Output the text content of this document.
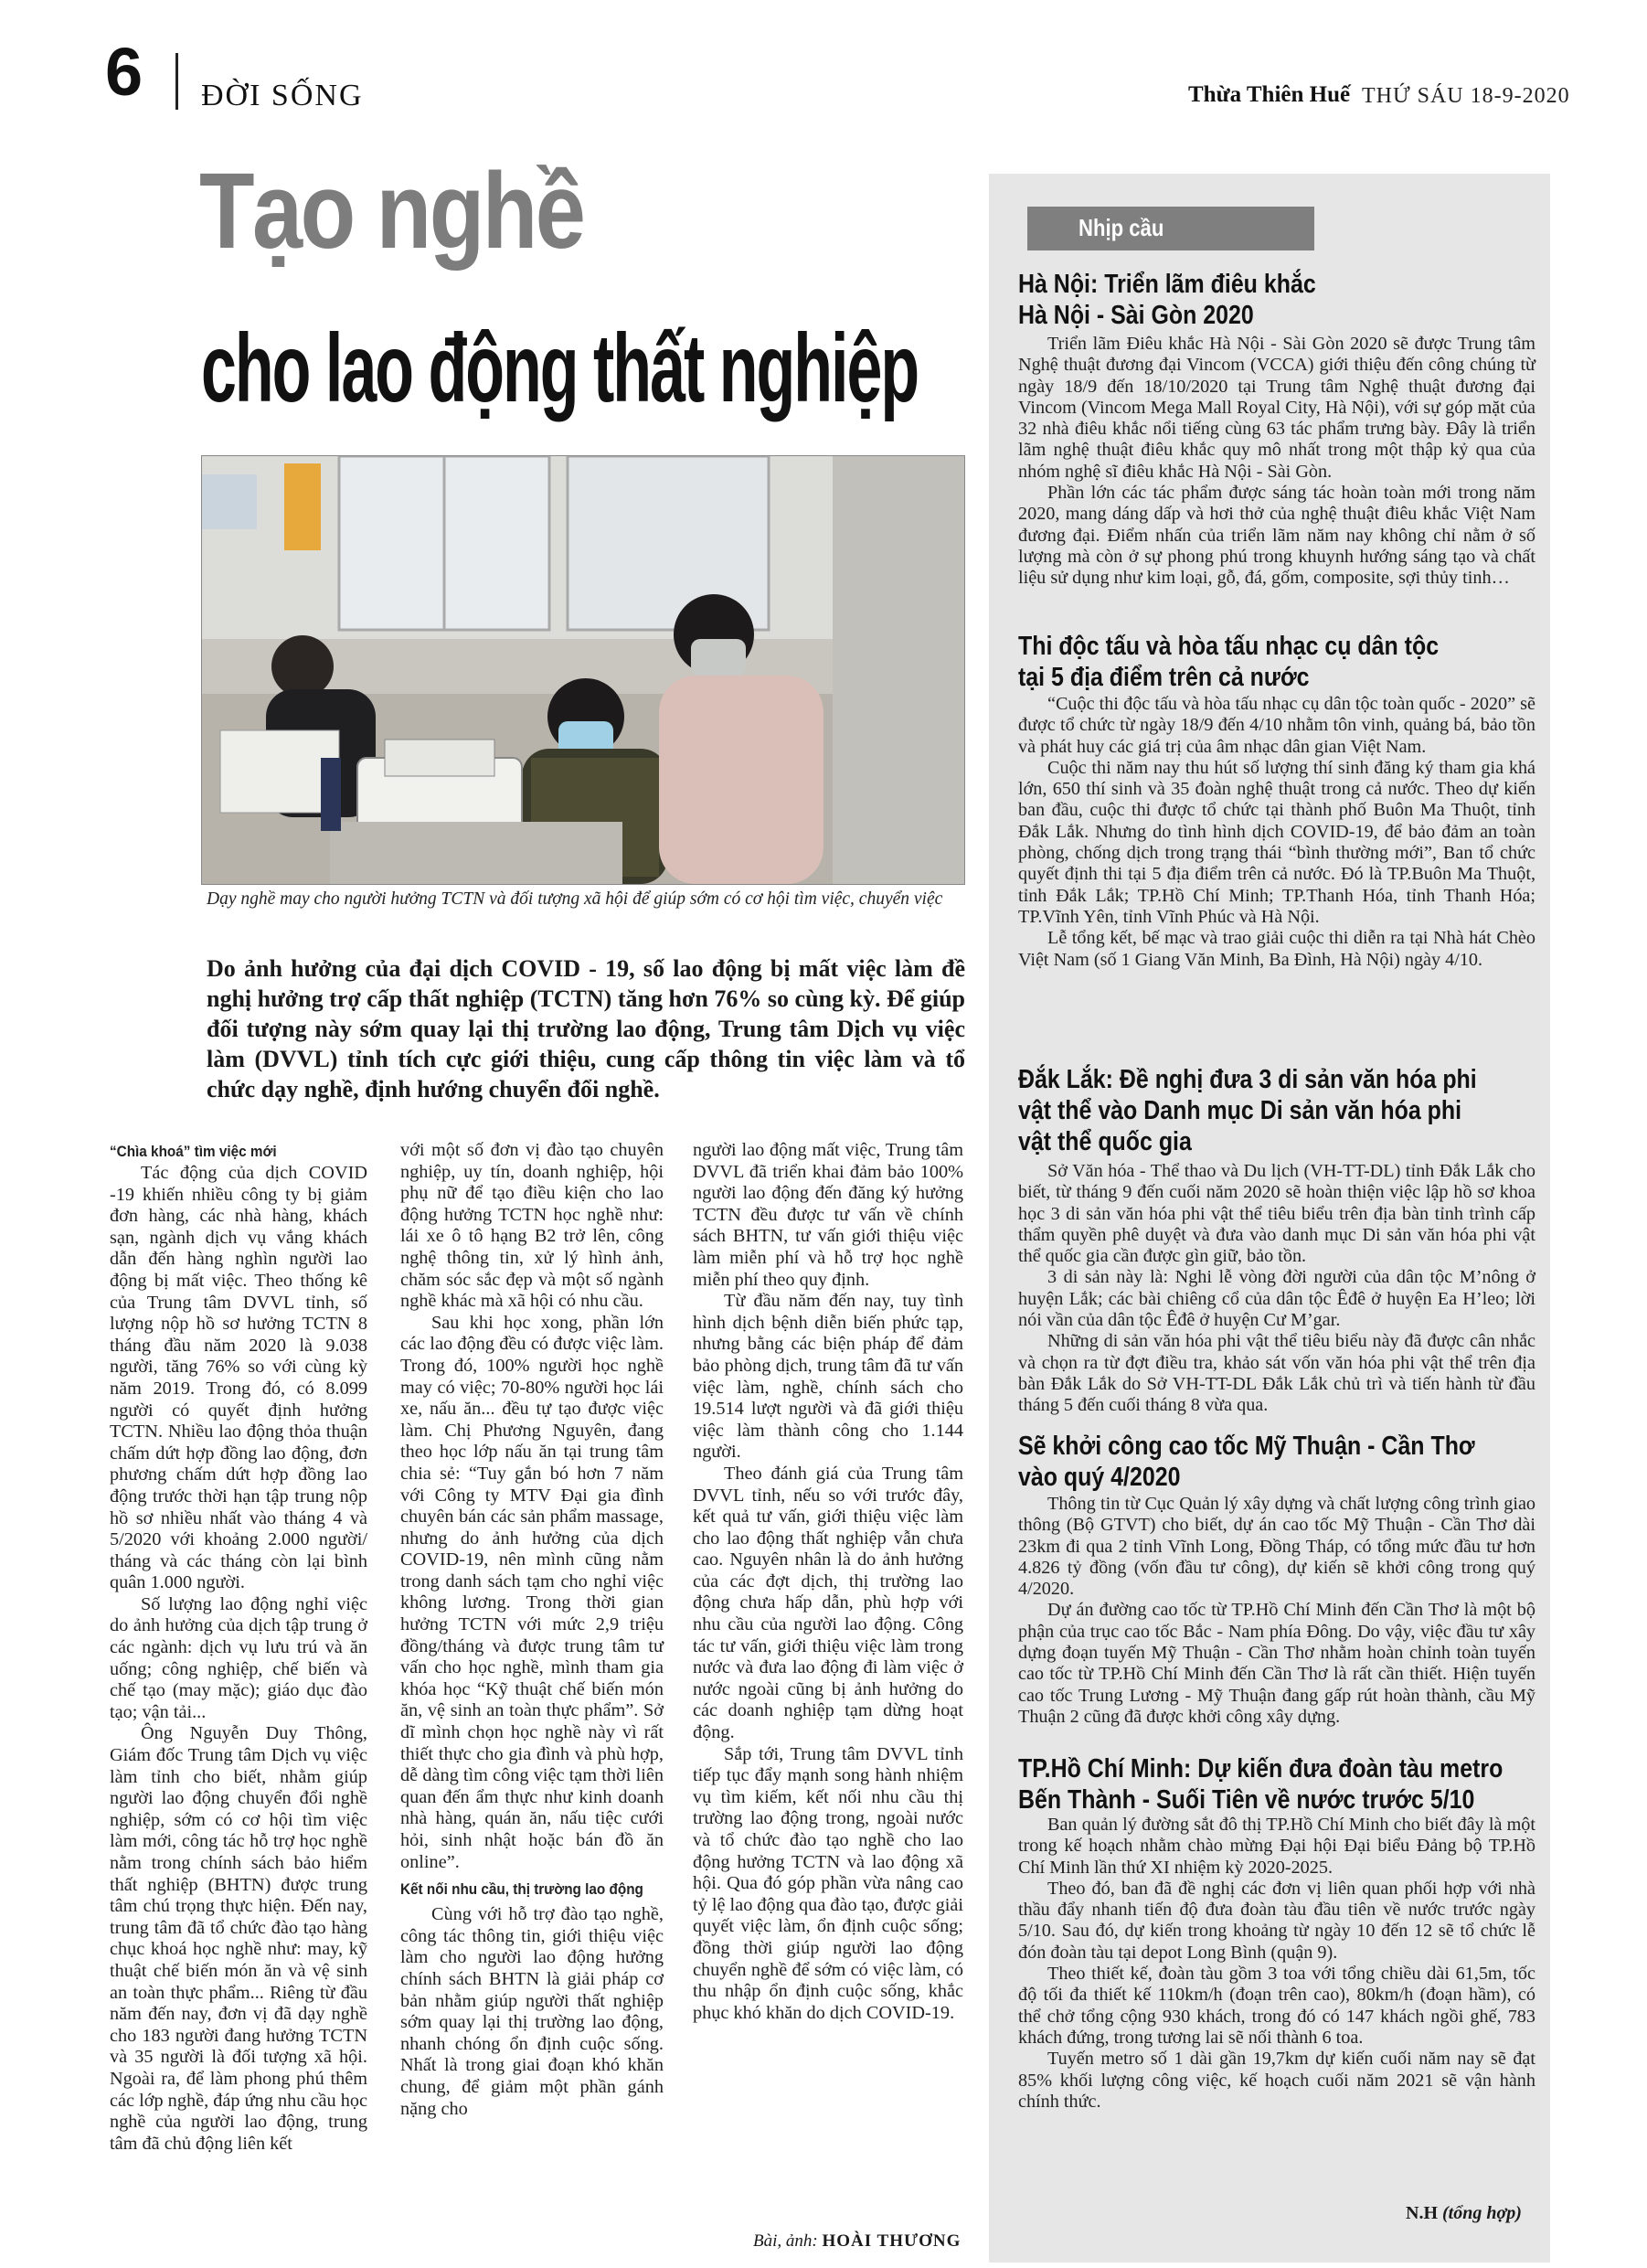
6 ĐỜI SỐNG	Thừa Thiên Huế THỨ SÁU 18-9-2020
Tạo nghề
cho lao động thất nghiệp
Dạy nghề may cho người hưởng TCTN và đối tượng xã hội để giúp sớm có cơ hội tìm việc, chuyển việc
Do ảnh hưởng của đại dịch COVID - 19, số lao động bị mất việc làm đề nghị hưởng trợ cấp thất nghiệp (TCTN) tăng hơn 76% so cùng kỳ. Để giúp đối tượng này sớm quay lại thị trường lao động, Trung tâm Dịch vụ việc làm (DVVL) tỉnh tích cực giới thiệu, cung cấp thông tin việc làm và tổ chức dạy nghề, định hướng chuyển đổi nghề.

“Chìa khoá” tìm việc mới

Tác động của dịch COVID -19 khiến nhiều công ty bị giảm đơn hàng, các nhà hàng, khách sạn, ngành dịch vụ vắng khách dẫn đến hàng nghìn người lao động bị mất việc. Theo thống kê của Trung tâm DVVL tỉnh, số lượng nộp hồ sơ hưởng TCTN 8 tháng đầu năm 2020 là 9.038 người, tăng 76% so với cùng kỳ năm 2019. Trong đó, có 8.099 người có quyết định hưởng TCTN. Nhiều lao động thỏa thuận chấm dứt hợp đồng lao động, đơn phương chấm dứt hợp đồng lao động trước thời hạn tập trung nộp hồ sơ nhiều nhất vào tháng 4 và 5/2020 với khoảng 2.000 người/ tháng và các tháng còn lại bình quân 1.000 người.

Số lượng lao động nghỉ việc do ảnh hưởng của dịch tập trung ở các ngành: dịch vụ lưu trú và ăn uống; công nghiệp, chế biến và chế tạo (may mặc); giáo dục đào tạo; vận tải...

Ông Nguyễn Duy Thông, Giám đốc Trung tâm Dịch vụ việc làm tỉnh cho biết, nhằm giúp người lao động chuyển đổi nghề nghiệp, sớm có cơ hội tìm việc làm mới, công tác hỗ trợ học nghề nằm trong chính sách bảo hiểm thất nghiệp (BHTN) được trung tâm chú trọng thực hiện. Đến nay, trung tâm đã tổ chức đào tạo hàng chục khoá học nghề như: may, kỹ thuật chế biến món ăn và vệ sinh an toàn thực phẩm... Riêng từ đầu năm đến nay, đơn vị đã dạy nghề cho 183 người đang hưởng TCTN và 35 người là đối tượng xã hội. Ngoài ra, để làm phong phú thêm các lớp nghề, đáp ứng nhu cầu học nghề của người lao động, trung tâm đã chủ động liên kết

với một số đơn vị đào tạo chuyên nghiệp, uy tín, doanh nghiệp, hội phụ nữ để tạo điều kiện cho lao động hưởng TCTN học nghề như: lái xe ô tô hạng B2 trở lên, công nghệ thông tin, xử lý hình ảnh, chăm sóc sắc đẹp và một số ngành nghề khác mà xã hội có nhu cầu.

Sau khi học xong, phần lớn các lao động đều có được việc làm. Trong đó, 100% người học nghề may có việc; 70-80% người học lái xe, nấu ăn... đều tự tạo được việc làm. Chị Phương Nguyên, đang theo học lớp nấu ăn tại trung tâm chia sẻ: “Tuy gắn bó hơn 7 năm với Công ty MTV Đại gia đình chuyên bán các sản phẩm massage, nhưng do ảnh hưởng của dịch COVID-19, nên mình cũng nằm trong danh sách tạm cho nghỉ việc không lương. Trong thời gian hưởng TCTN với mức 2,9 triệu đồng/tháng và được trung tâm tư vấn cho học nghề, mình tham gia khóa học “Kỹ thuật chế biến món ăn, vệ sinh an toàn thực phẩm”. Sở dĩ mình chọn học nghề này vì rất thiết thực cho gia đình và phù hợp, dễ dàng tìm công việc tạm thời liên quan đến ẩm thực như kinh doanh nhà hàng, quán ăn, nấu tiệc cưới hỏi, sinh nhật hoặc bán đồ ăn online”.

Kết nối nhu cầu, thị trường lao động

Cùng với hỗ trợ đào tạo nghề, công tác thông tin, giới thiệu việc làm cho người lao động hưởng chính sách BHTN là giải pháp cơ bản nhằm giúp người thất nghiệp sớm quay lại thị trường lao động, nhanh chóng ổn định cuộc sống. Nhất là trong giai đoạn khó khăn chung, để giảm một phần gánh nặng cho

người lao động mất việc, Trung tâm DVVL đã triển khai đảm bảo 100% người lao động đến đăng ký hưởng TCTN đều được tư vấn về chính sách BHTN, tư vấn giới thiệu việc làm miễn phí và hỗ trợ học nghề miễn phí theo quy định.

Từ đầu năm đến nay, tuy tình hình dịch bệnh diễn biến phức tạp, nhưng bằng các biện pháp để đảm bảo phòng dịch, trung tâm đã tư vấn việc làm, nghề, chính sách cho 19.514 lượt người và đã giới thiệu việc làm thành công cho 1.144 người.

Theo đánh giá của Trung tâm DVVL tỉnh, nếu so với trước đây, kết quả tư vấn, giới thiệu việc làm cho lao động thất nghiệp vẫn chưa cao. Nguyên nhân là do ảnh hưởng của các đợt dịch, thị trường lao động chưa hấp dẫn, phù hợp với nhu cầu của người lao động. Công tác tư vấn, giới thiệu việc làm trong nước và đưa lao động đi làm việc ở nước ngoài cũng bị ảnh hưởng do các doanh nghiệp tạm dừng hoạt động.

Sắp tới, Trung tâm DVVL tỉnh tiếp tục đẩy mạnh song hành nhiệm vụ tìm kiếm, kết nối nhu cầu thị trường lao động trong, ngoài nước và tổ chức đào tạo nghề cho lao động hưởng TCTN và lao động xã hội. Qua đó góp phần vừa nâng cao tỷ lệ lao động qua đào tạo, được giải quyết việc làm, ổn định cuộc sống; đồng thời giúp người lao động chuyển nghề để sớm có việc làm, có thu nhập ổn định cuộc sống, khắc phục khó khăn do dịch COVID-19.

Bài, ảnh: HOÀI THƯƠNG
Nhịp cầu
Hà Nội: Triển lãm điêu khắc
Hà Nội - Sài Gòn 2020

Triển lãm Điêu khắc Hà Nội - Sài Gòn 2020 sẽ được Trung tâm Nghệ thuật đương đại Vincom (VCCA) giới thiệu đến công chúng từ ngày 18/9 đến 18/10/2020 tại Trung tâm Nghệ thuật đương đại Vincom (Vincom Mega Mall Royal City, Hà Nội), với sự góp mặt của 32 nhà điêu khắc nổi tiếng cùng 63 tác phẩm trưng bày. Đây là triển lãm nghệ thuật điêu khắc quy mô nhất trong một thập kỷ qua của nhóm nghệ sĩ điêu khắc Hà Nội - Sài Gòn.

Phần lớn các tác phẩm được sáng tác hoàn toàn mới trong năm 2020, mang dáng dấp và hơi thở của nghệ thuật điêu khắc Việt Nam đương đại. Điểm nhấn của triển lãm năm nay không chỉ nằm ở số lượng mà còn ở sự phong phú trong khuynh hướng sáng tạo và chất liệu sử dụng như kim loại, gỗ, đá, gốm, composite, sợi thủy tinh…

Thi độc tấu và hòa tấu nhạc cụ dân tộc
tại 5 địa điểm trên cả nước

“Cuộc thi độc tấu và hòa tấu nhạc cụ dân tộc toàn quốc - 2020” sẽ được tổ chức từ ngày 18/9 đến 4/10 nhằm tôn vinh, quảng bá, bảo tồn và phát huy các giá trị của âm nhạc dân gian Việt Nam.

Cuộc thi năm nay thu hút số lượng thí sinh đăng ký tham gia khá lớn, 650 thí sinh và 35 đoàn nghệ thuật trong cả nước. Theo dự kiến ban đầu, cuộc thi được tổ chức tại thành phố Buôn Ma Thuột, tỉnh Đắk Lắk. Nhưng do tình hình dịch COVID-19, để bảo đảm an toàn phòng, chống dịch trong trạng thái “bình thường mới”, Ban tổ chức quyết định thi tại 5 địa điểm trên cả nước. Đó là TP.Buôn Ma Thuột, tỉnh Đắk Lắk; TP.Hồ Chí Minh; TP.Thanh Hóa, tỉnh Thanh Hóa; TP.Vĩnh Yên, tỉnh Vĩnh Phúc và Hà Nội.

Lễ tổng kết, bế mạc và trao giải cuộc thi diễn ra tại Nhà hát Chèo Việt Nam (số 1 Giang Văn Minh, Ba Đình, Hà Nội) ngày 4/10.

Đắk Lắk: Đề nghị đưa 3 di sản văn hóa phi
vật thể vào Danh mục Di sản văn hóa phi
vật thể quốc gia

Sở Văn hóa - Thể thao và Du lịch (VH-TT-DL) tỉnh Đắk Lắk cho biết, từ tháng 9 đến cuối năm 2020 sẽ hoàn thiện việc lập hồ sơ khoa học 3 di sản văn hóa phi vật thể tiêu biểu trên địa bàn tỉnh trình cấp thẩm quyền phê duyệt và đưa vào danh mục Di sản văn hóa phi vật thể quốc gia cần được gìn giữ, bảo tồn.

3 di sản này là: Nghi lễ vòng đời người của dân tộc M’nông ở huyện Lắk; các bài chiêng cổ của dân tộc Êđê ở huyện Ea H’leo; lời nói vần của dân tộc Êđê ở huyện Cư M’gar.

Những di sản văn hóa phi vật thể tiêu biểu này đã được cân nhắc và chọn ra từ đợt điều tra, khảo sát vốn văn hóa phi vật thể trên địa bàn Đắk Lắk do Sở VH-TT-DL Đắk Lắk chủ trì và tiến hành từ đầu tháng 5 đến cuối tháng 8 vừa qua.

Sẽ khởi công cao tốc Mỹ Thuận - Cần Thơ
vào quý 4/2020

Thông tin từ Cục Quản lý xây dựng và chất lượng công trình giao thông (Bộ GTVT) cho biết, dự án cao tốc Mỹ Thuận - Cần Thơ dài 23km đi qua 2 tỉnh Vĩnh Long, Đồng Tháp, có tổng mức đầu tư hơn 4.826 tỷ đồng (vốn đầu tư công), dự kiến sẽ khởi công trong quý 4/2020.

Dự án đường cao tốc từ TP.Hồ Chí Minh đến Cần Thơ là một bộ phận của trục cao tốc Bắc - Nam phía Đông. Do vậy, việc đầu tư xây dựng đoạn tuyến Mỹ Thuận - Cần Thơ nhằm hoàn chỉnh toàn tuyến cao tốc từ TP.Hồ Chí Minh đến Cần Thơ là rất cần thiết. Hiện tuyến cao tốc Trung Lương - Mỹ Thuận đang gấp rút hoàn thành, cầu Mỹ Thuận 2 cũng đã được khởi công xây dựng.

TP.Hồ Chí Minh: Dự kiến đưa đoàn tàu metro
Bến Thành - Suối Tiên về nước trước 5/10

Ban quản lý đường sắt đô thị TP.Hồ Chí Minh cho biết đây là một trong kế hoạch nhằm chào mừng Đại hội Đại biểu Đảng bộ TP.Hồ Chí Minh lần thứ XI nhiệm kỳ 2020-2025.

Theo đó, ban đã đề nghị các đơn vị liên quan phối hợp với nhà thầu đẩy nhanh tiến độ đưa đoàn tàu đầu tiên về nước trước ngày 5/10. Sau đó, dự kiến trong khoảng từ ngày 10 đến 12 sẽ tổ chức lễ đón đoàn tàu tại depot Long Bình (quận 9).

Theo thiết kế, đoàn tàu gồm 3 toa với tổng chiều dài 61,5m, tốc độ tối đa thiết kế 110km/h (đoạn trên cao), 80km/h (đoạn hầm), có thể chở tổng cộng 930 khách, trong đó có 147 khách ngồi ghế, 783 khách đứng, trong tương lai sẽ nối thành 6 toa.

Tuyến metro số 1 dài gần 19,7km dự kiến cuối năm nay sẽ đạt 85% khối lượng công việc, kế hoạch cuối năm 2021 sẽ vận hành chính thức.

N.H (tổng hợp)
